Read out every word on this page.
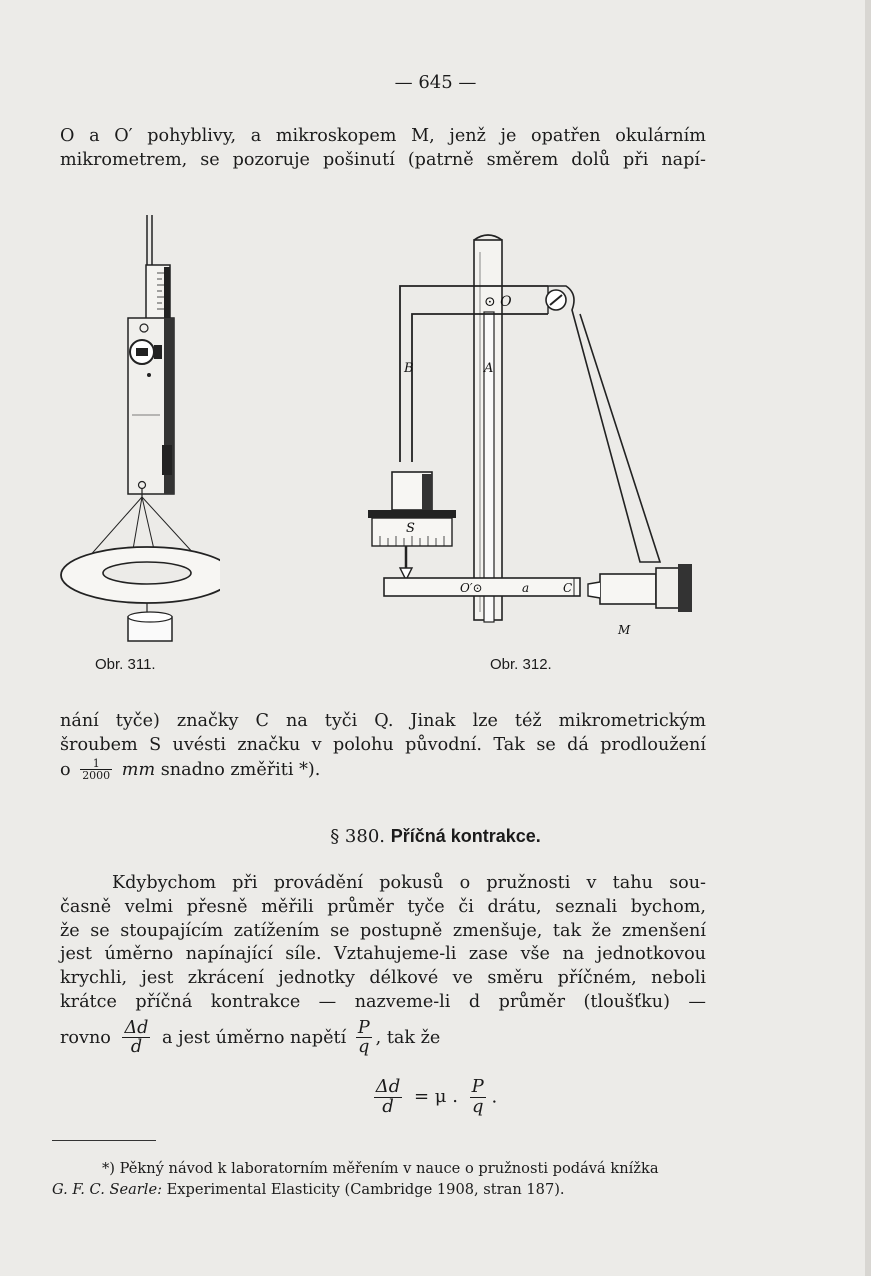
— 645 —
O a O′ pohyblivy, a mikroskopem M, jenž je opatřen okulárním
mikrometrem, se pozoruje pošinutí (patrně směrem dolů při napí-
Obr. 311.
⊙ O
B	A
S
O′⊙	a	C
M
Obr. 312.
nání tyče) značky C na tyči Q. Jinak lze též mikrometrickým
šroubem S uvésti značku v polohu původní. Tak se dá prodloužení
o $\frac{1}{2000}$ mm snadno změřiti *).
§ 380. Příčná kontrakce.
Kdybychom při provádění pokusů o pružnosti v tahu sou-
časně velmi přesně měřili průměr tyče či drátu, seznali bychom,
že se stoupajícím zatížením se postupně zmenšuje, tak že zmenšení
jest úměrno napínající síle. Vztahujeme-li zase vše na jednotkovou
krychli, jest zkrácení jednotky délkové ve směru příčném, neboli
krátce příčná kontrakce — nazveme-li d průměr (tloušťku) —
rovno $\frac{\Delta d}{d}$ a jest úměrno napětí $\frac{P}{q}$ , tak že
$\frac{\Delta d}{d} = \mu$ . $\frac{P}{q}$ .
*) Pěkný návod k laboratorním měřením v nauce o pružnosti podává knížka
G. F. C. Searle: Experimental Elasticity (Cambridge 1908, stran 187).
